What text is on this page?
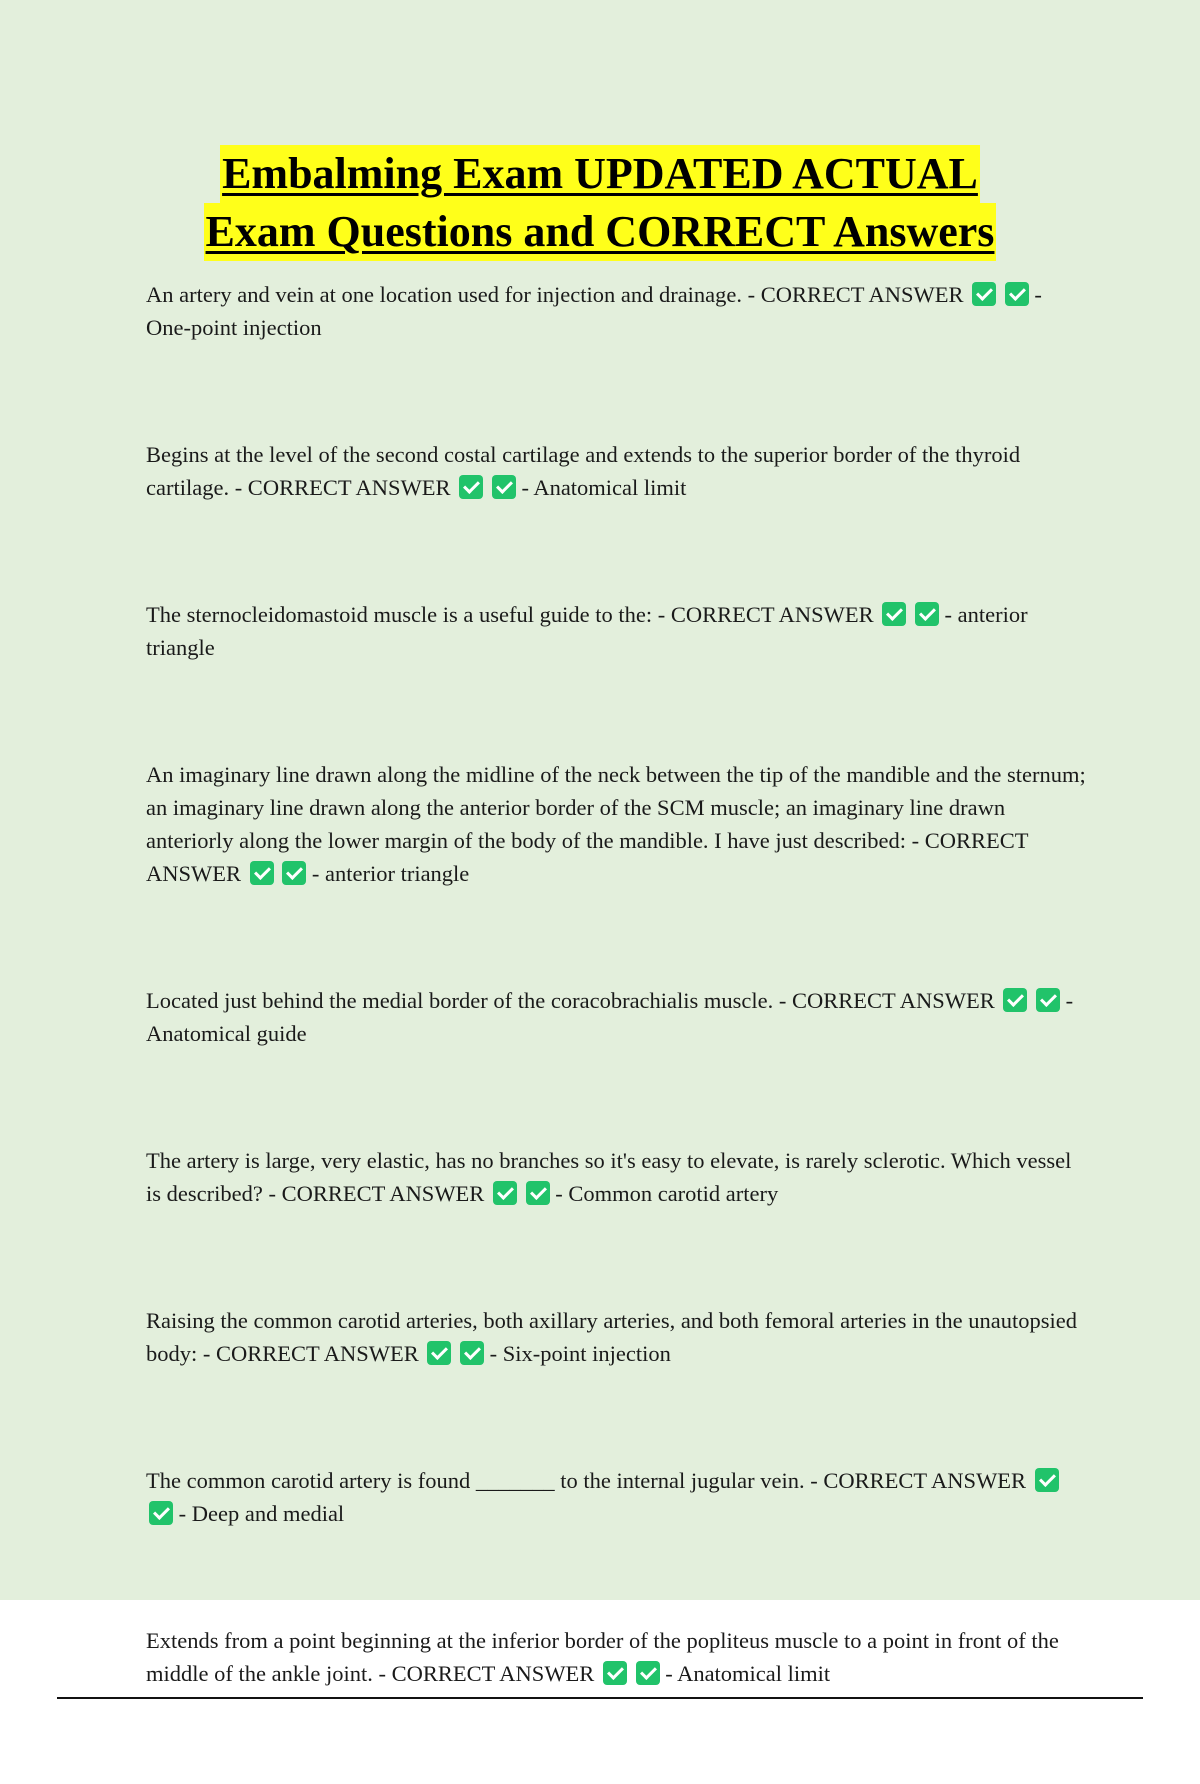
Embalming Exam UPDATED ACTUAL
Exam Questions and CORRECT Answers

An artery and vein at one location used for injection and drainage. - CORRECT ANSWER	- One-point injection

Begins at the level of the second costal cartilage and extends to the superior border of the thyroid cartilage. - CORRECT ANSWER	- Anatomical limit

The sternocleidomastoid muscle is a useful guide to the: - CORRECT ANSWER	- anterior triangle

An imaginary line drawn along the midline of the neck between the tip of the mandible and the sternum; an imaginary line drawn along the anterior border of the SCM muscle; an imaginary line drawn anteriorly along the lower margin of the body of the mandible. I have just described: - CORRECT ANSWER	- anterior triangle

Located just behind the medial border of the coracobrachialis muscle. - CORRECT ANSWER	- Anatomical guide

The artery is large, very elastic, has no branches so it's easy to elevate, is rarely sclerotic. Which vessel is described? - CORRECT ANSWER	- Common carotid artery

Raising the common carotid arteries, both axillary arteries, and both femoral arteries in the unautopsied body: - CORRECT ANSWER	- Six-point injection

The common carotid artery is found _______ to the internal jugular vein. - CORRECT ANSWER   - Deep and medial

Extends from a point beginning at the inferior border of the popliteus muscle to a point in front of the middle of the ankle joint. - CORRECT ANSWER	- Anatomical limit
